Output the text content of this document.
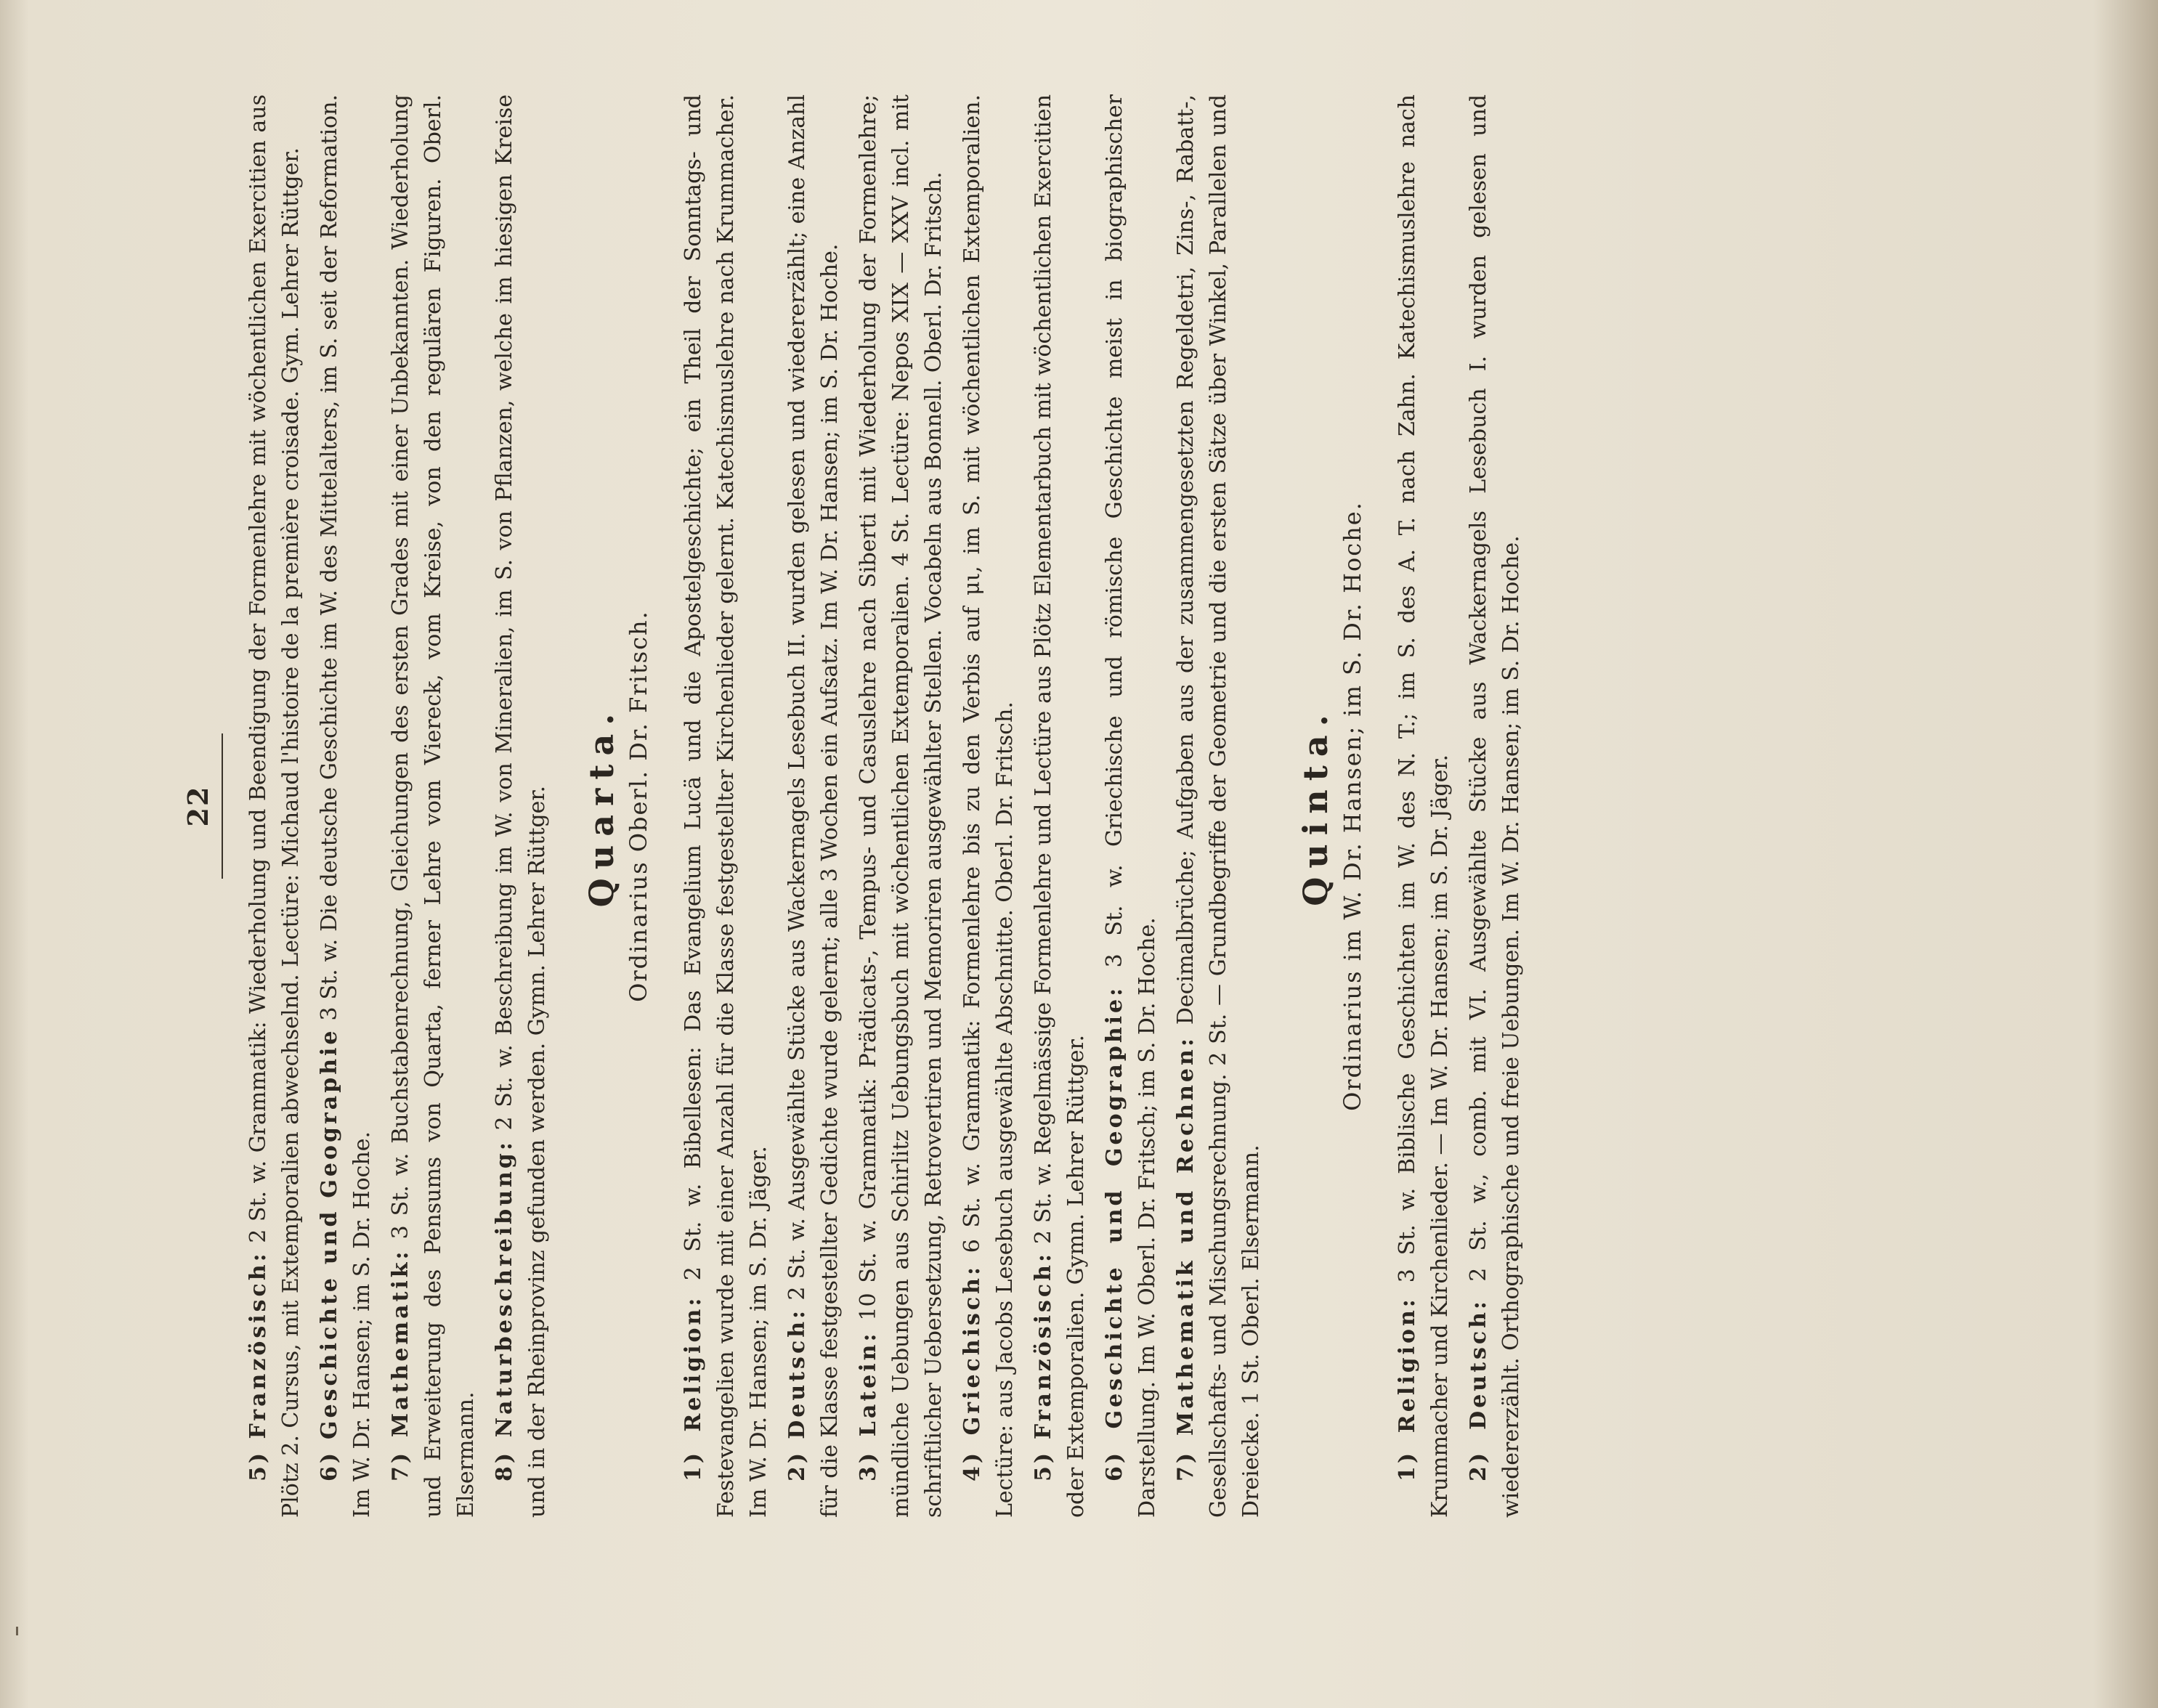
22

5) Französisch: 2 St. w. Grammatik: Wiederholung und Beendigung der Formenlehre mit wöchentlichen Exercitien aus Plötz 2. Cursus, mit Extemporalien abwechselnd. Lectüre: Michaud l'histoire de la première croisade. Gym. Lehrer Rüttger. 6) Geschichte und Geographie 3 St. w. Die deutsche Geschichte im W. des Mittelalters, im S. seit der Reformation. Im W. Dr. Hansen; im S. Dr. Hoche. 7) Mathematik: 3 St. w. Buchstabenrechnung, Gleichungen des ersten Grades mit einer Unbekannten. Wiederholung und Erweiterung des Pensums von Quarta, ferner Lehre vom Viereck, vom Kreise, von den regulären Figuren. Oberl. Elsermann. 8) Naturbeschreibung: 2 St. w. Beschreibung im W. von Mineralien, im S. von Pflanzen, welche im hiesigen Kreise und in der Rheinprovinz gefunden werden. Gymn. Lehrer Rüttger. Quarta. Ordinarius Oberl. Dr. Fritsch.

1) Religion: 2 St. w. Bibellesen: Das Evangelium Lucä und die Apostelgeschichte; ein Theil der Sonntags- und Festevangelien wurde mit einer Anzahl für die Klasse festgestellter Kirchenlieder gelernt. Katechismuslehre nach Krummacher. Im W. Dr. Hansen; im S. Dr. Jäger. 2) Deutsch: 2 St. w. Ausgewählte Stücke aus Wackernagels Lesebuch II. wurden gelesen und wiedererzählt; eine Anzahl für die Klasse festgestellter Gedichte wurde gelernt; alle 3 Wochen ein Aufsatz. Im W. Dr. Hansen; im S. Dr. Hoche. 3) Latein: 10 St. w. Grammatik: Prädicats-, Tempus- und Casuslehre nach Siberti mit Wiederholung der Formenlehre; mündliche Uebungen aus Schirlitz Uebungsbuch mit wöchentlichen Extemporalien. 4 St. Lectüre: Nepos XIX — XXV incl. mit schriftlicher Uebersetzung, Retrovertiren und Memoriren ausgewählter Stellen. Vocabeln aus Bonnell. Oberl. Dr. Fritsch. 4) Griechisch: 6 St. w. Grammatik: Formenlehre bis zu den Verbis auf μι, im S. mit wöchentlichen Extemporalien. Lectüre: aus Jacobs Lesebuch ausgewählte Abschnitte. Oberl. Dr. Fritsch. 5) Französisch: 2 St. w. Regelmässige Formenlehre und Lectüre aus Plötz Elementarbuch mit wöchentlichen Exercitien oder Extemporalien. Gymn. Lehrer Rüttger. 6) Geschichte und Geographie: 3 St. w. Griechische und römische Geschichte meist in biographischer Darstellung. Im W. Oberl. Dr. Fritsch; im S. Dr. Hoche. 7) Mathematik und Rechnen: Decimalbrüche; Aufgaben aus der zusammengesetzten Regeldetri, Zins-, Rabatt-, Gesellschafts- und Mischungsrechnung. 2 St. — Grundbegriffe der Geometrie und die ersten Sätze über Winkel, Parallelen und Dreiecke. 1 St. Oberl. Elsermann.

Quinta. Ordinarius im W. Dr. Hansen; im S. Dr. Hoche.

1) Religion: 3 St. w. Biblische Geschichten im W. des N. T.; im S. des A. T. nach Zahn. Katechismuslehre nach Krummacher und Kirchenlieder. — Im W. Dr. Hansen; im S. Dr. Jäger. 2) Deutsch: 2 St. w., comb. mit VI. Ausgewählte Stücke aus Wackernagels Lesebuch I. wurden gelesen und wiedererzählt. Orthographische und freie Uebungen. Im W. Dr. Hansen; im S. Dr. Hoche.
